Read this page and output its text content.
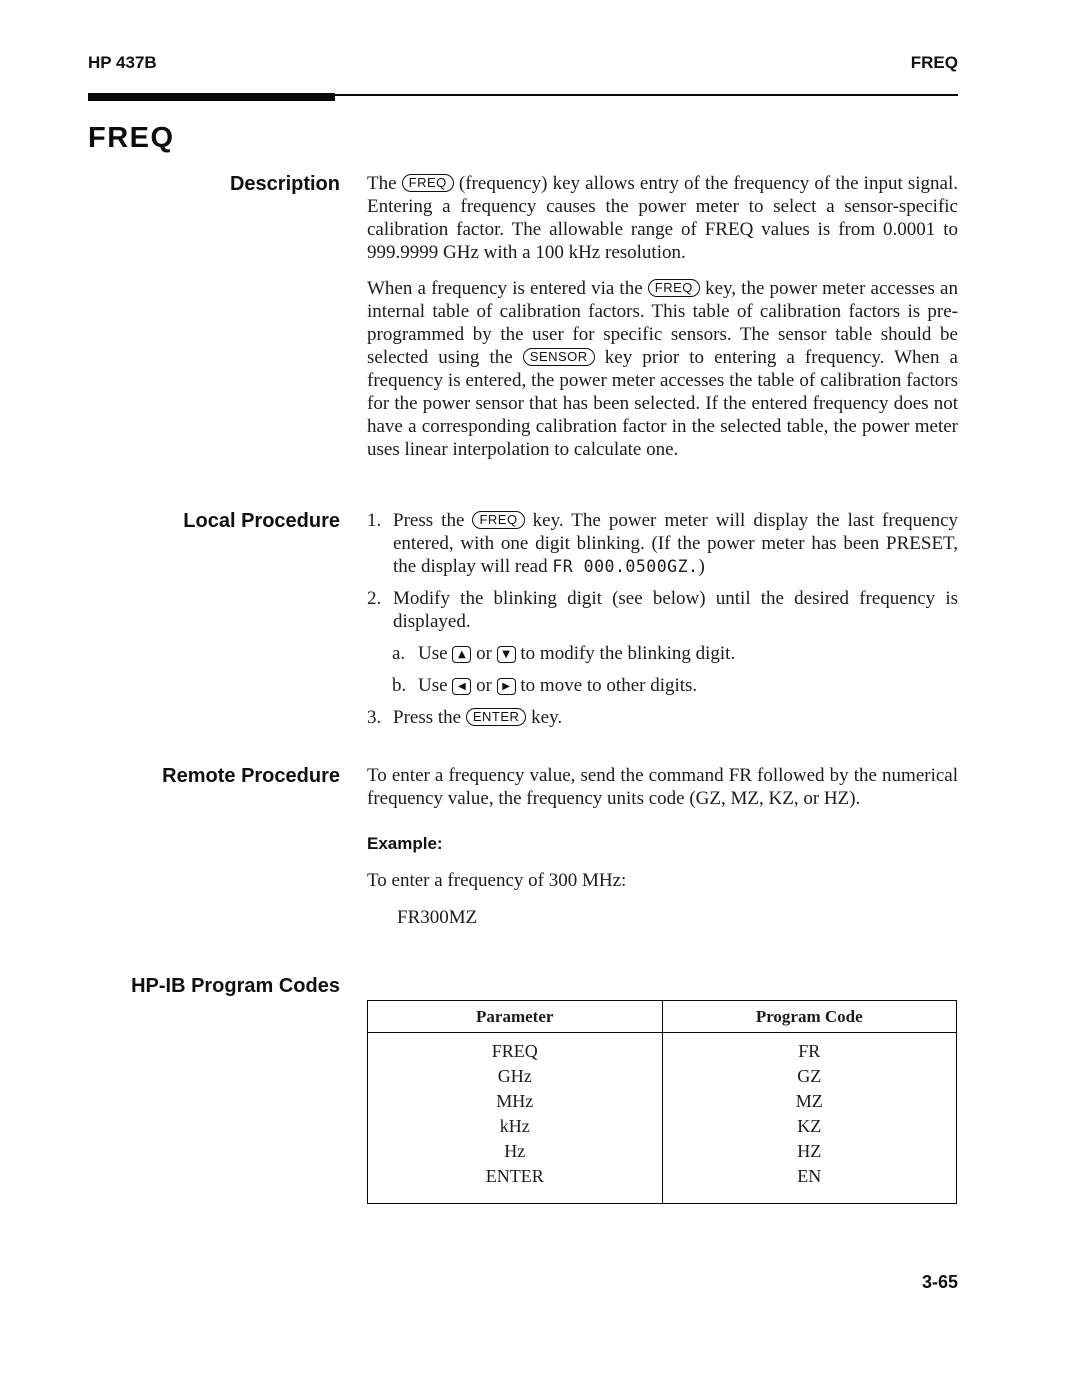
HP 437B	FREQ
FREQ
Description The FREQ (frequency) key allows entry of the frequency of the input signal. Entering a frequency causes the power meter to select a sensor-specific calibration factor. The allowable range of FREQ values is from 0.0001 to 999.9999 GHz with a 100 kHz resolution.

When a frequency is entered via the FREQ key, the power meter accesses an internal table of calibration factors. This table of calibration factors is pre- programmed by the user for specific sensors. The sensor table should be selected using the SENSOR key prior to entering a frequency. When a frequency is entered, the power meter accesses the table of calibration factors for the power sensor that has been selected. If the entered frequency does not have a corresponding calibration factor in the selected table, the power meter uses linear interpolation to calculate one.

Local Procedure 1. Press the FREQ key. The power meter will display the last frequency entered, with one digit blinking. (If the power meter has been PRESET, the display will read FR 000.0500GZ.)
2. Modify the blinking digit (see below) until the desired frequency is displayed.
a. Use ▲ or ▼ to modify the blinking digit.
b. Use ◀ or ▶ to move to other digits.
3. Press the ENTER key.
Remote Procedure To enter a frequency value, send the command FR followed by the numerical frequency value, the frequency units code (GZ, MZ, KZ, or HZ).

Example:

To enter a frequency of 300 MHz:

FR300MZ

HP-IB Program Codes
Parameter	Program Code
FREQ	FR
GHz	GZ
MHz	MZ
kHz	KZ
Hz	HZ
ENTER	EN
3-65
